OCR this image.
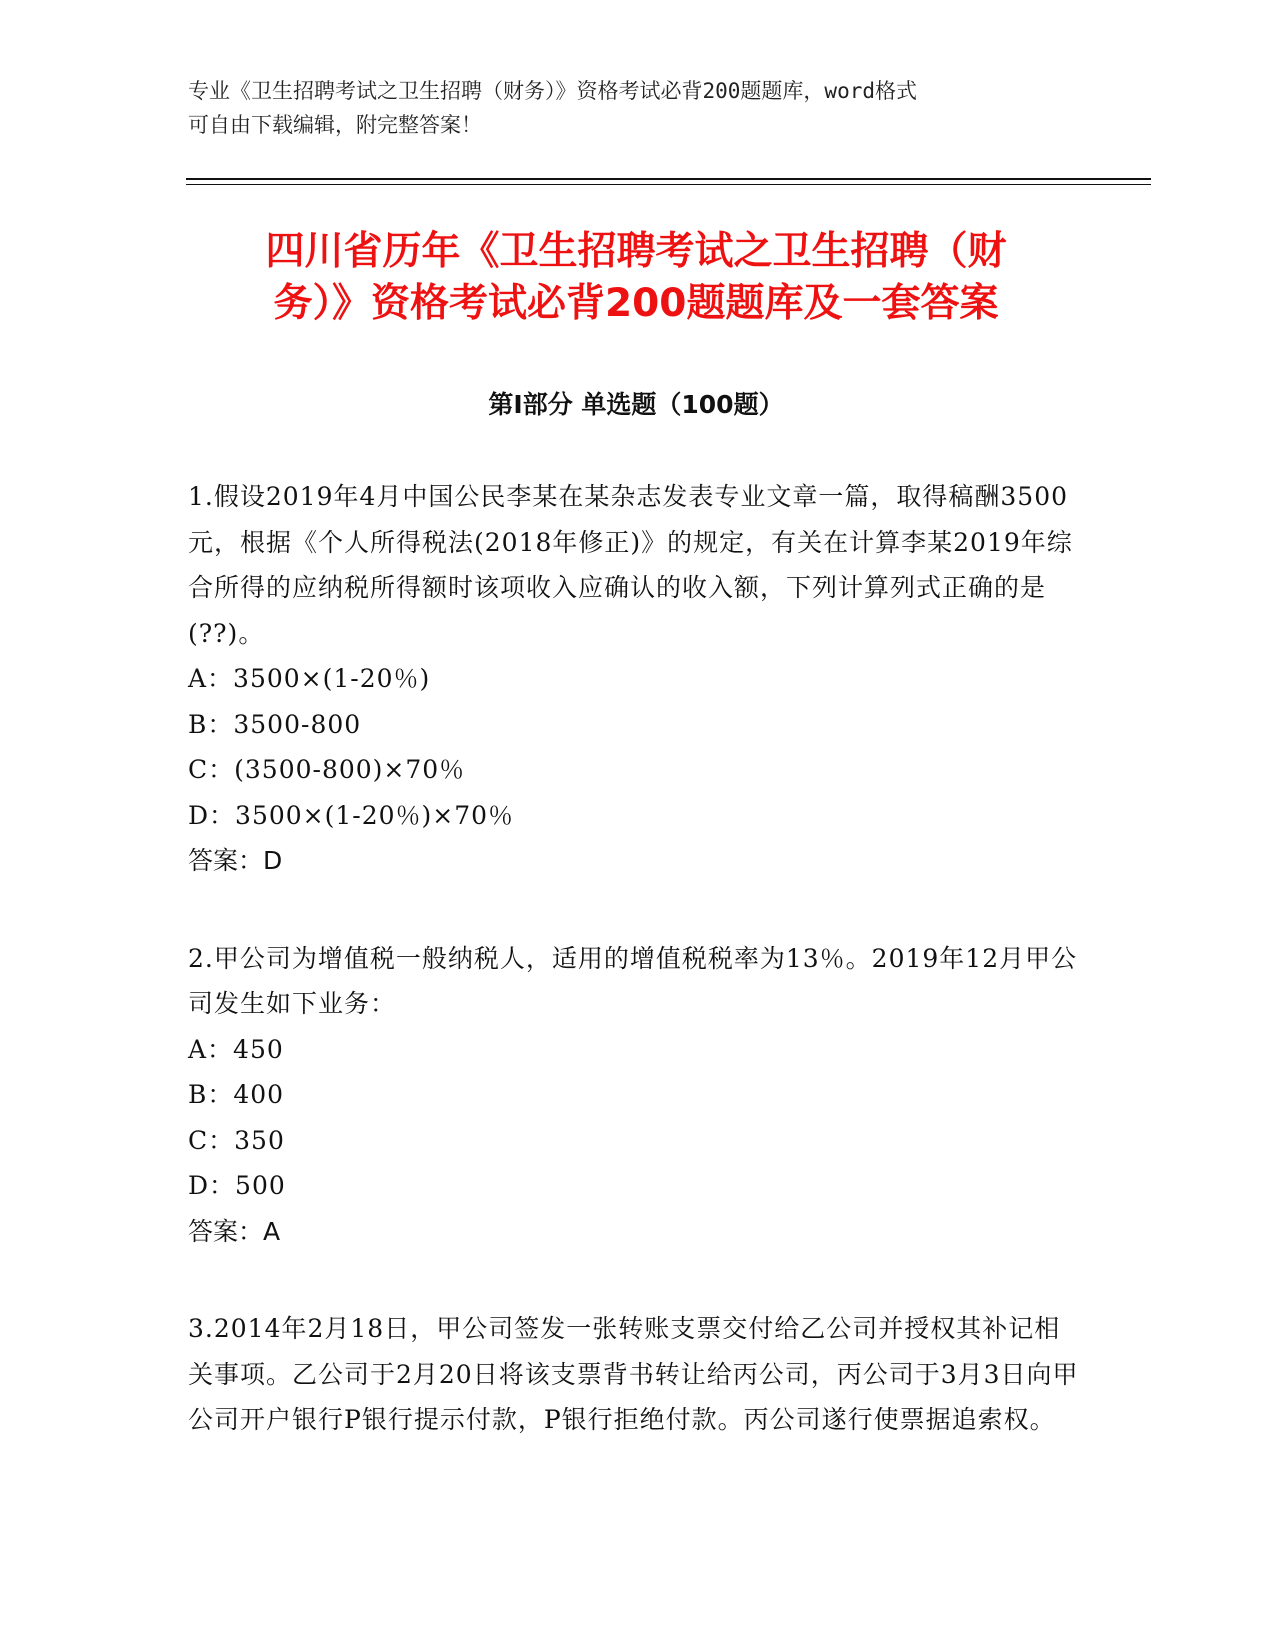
专业《卫生招聘考试之卫生招聘（财务）》资格考试必背200题题库，word格式
可自由下载编辑，附完整答案！
四川省历年《卫生招聘考试之卫生招聘（财
务）》资格考试必背200题题库及一套答案
第Ⅰ部分 单选题（100题）
1.假设2019年4月中国公民李某在某杂志发表专业文章一篇，取得稿酬3500元，根据《个人所得税法(2018年修正)》的规定，有关在计算李某2019年综合所得的应纳税所得额时该项收入应确认的收入额，下列计算列式正确的是(??)。
A：3500×(1-20％)
B：3500-800
C：(3500-800)×70％
D：3500×(1-20％)×70％
答案：D
2.甲公司为增值税一般纳税人，适用的增值税税率为13％。2019年12月甲公司发生如下业务：
A：450
B：400
C：350
D：500
答案：A
3.2014年2月18日，甲公司签发一张转账支票交付给乙公司并授权其补记相关事项。乙公司于2月20日将该支票背书转让给丙公司，丙公司于3月3日向甲公司开户银行P银行提示付款，P银行拒绝付款。丙公司遂行使票据追索权。
